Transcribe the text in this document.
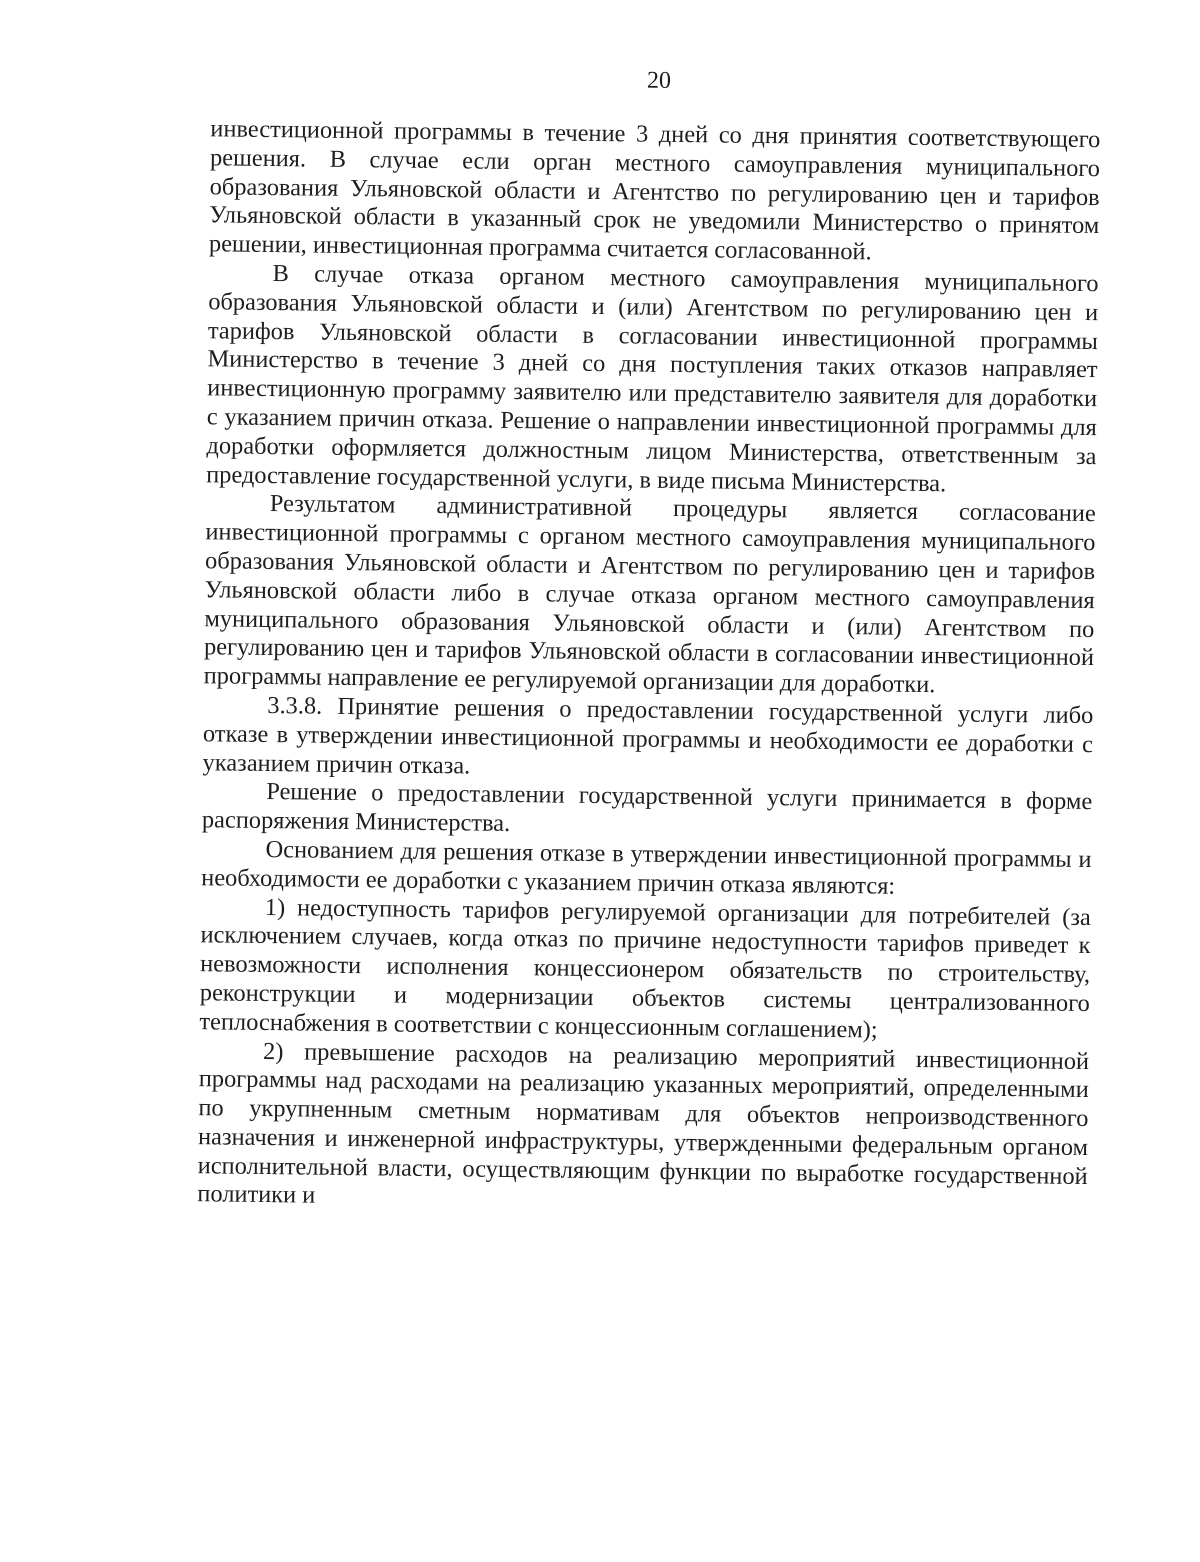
20

инвестиционной программы в течение 3 дней со дня принятия соответствующего решения. В случае если орган местного самоуправления муниципального образования Ульяновской области и Агентство по регулированию цен и тарифов Ульяновской области в указанный срок не уведомили Министерство о принятом решении, инвестиционная программа считается согласованной.

В случае отказа органом местного самоуправления муниципального образования Ульяновской области и (или) Агентством по регулированию цен и тарифов Ульяновской области в согласовании инвестиционной программы Министерство в течение 3 дней со дня поступления таких отказов направляет инвестиционную программу заявителю или представителю заявителя для доработки с указанием причин отказа. Решение о направлении инвестиционной программы для доработки оформляется должностным лицом Министерства, ответственным за предоставление государственной услуги, в виде письма Министерства.

Результатом административной процедуры является согласование инвестиционной программы с органом местного самоуправления муниципального образования Ульяновской области и Агентством по регулированию цен и тарифов Ульяновской области либо в случае отказа органом местного самоуправления муниципального образования Ульяновской области и (или) Агентством по регулированию цен и тарифов Ульяновской области в согласовании инвестиционной программы направление ее регулируемой организации для доработки.

3.3.8. Принятие решения о предоставлении государственной услуги либо отказе в утверждении инвестиционной программы и необходимости ее доработки с указанием причин отказа.

Решение о предоставлении государственной услуги принимается в форме распоряжения Министерства.

Основанием для решения отказе в утверждении инвестиционной программы и необходимости ее доработки с указанием причин отказа являются:

1) недоступность тарифов регулируемой организации для потребителей (за исключением случаев, когда отказ по причине недоступности тарифов приведет к невозможности исполнения концессионером обязательств по строительству, реконструкции и модернизации объектов системы централизованного теплоснабжения в соответствии с концессионным соглашением);

2) превышение расходов на реализацию мероприятий инвестиционной программы над расходами на реализацию указанных мероприятий, определенными по укрупненным сметным нормативам для объектов непроизводственного назначения и инженерной инфраструктуры, утвержденными федеральным органом исполнительной власти, осуществляющим функции по выработке государственной политики и
